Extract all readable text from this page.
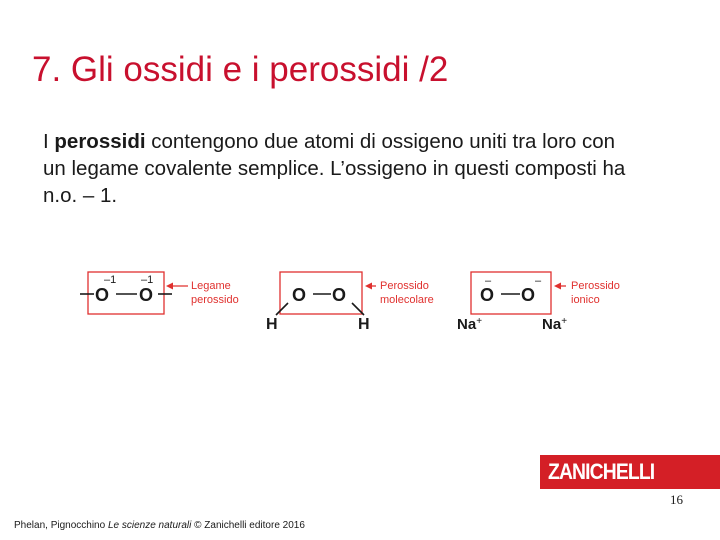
7. Gli ossidi e i perossidi /2
I perossidi contengono due atomi di ossigeno uniti tra loro con un legame covalente semplice. L’ossigeno in questi composti ha n.o. – 1.
–1 –1
O O	Legame
perossido	O O
H	H
Perossido
molecolare
–	–
O O
Na+	Na+
Perossido
ionico
ZANICHELLI
16
Phelan, Pignocchino Le scienze naturali © Zanichelli editore 2016
